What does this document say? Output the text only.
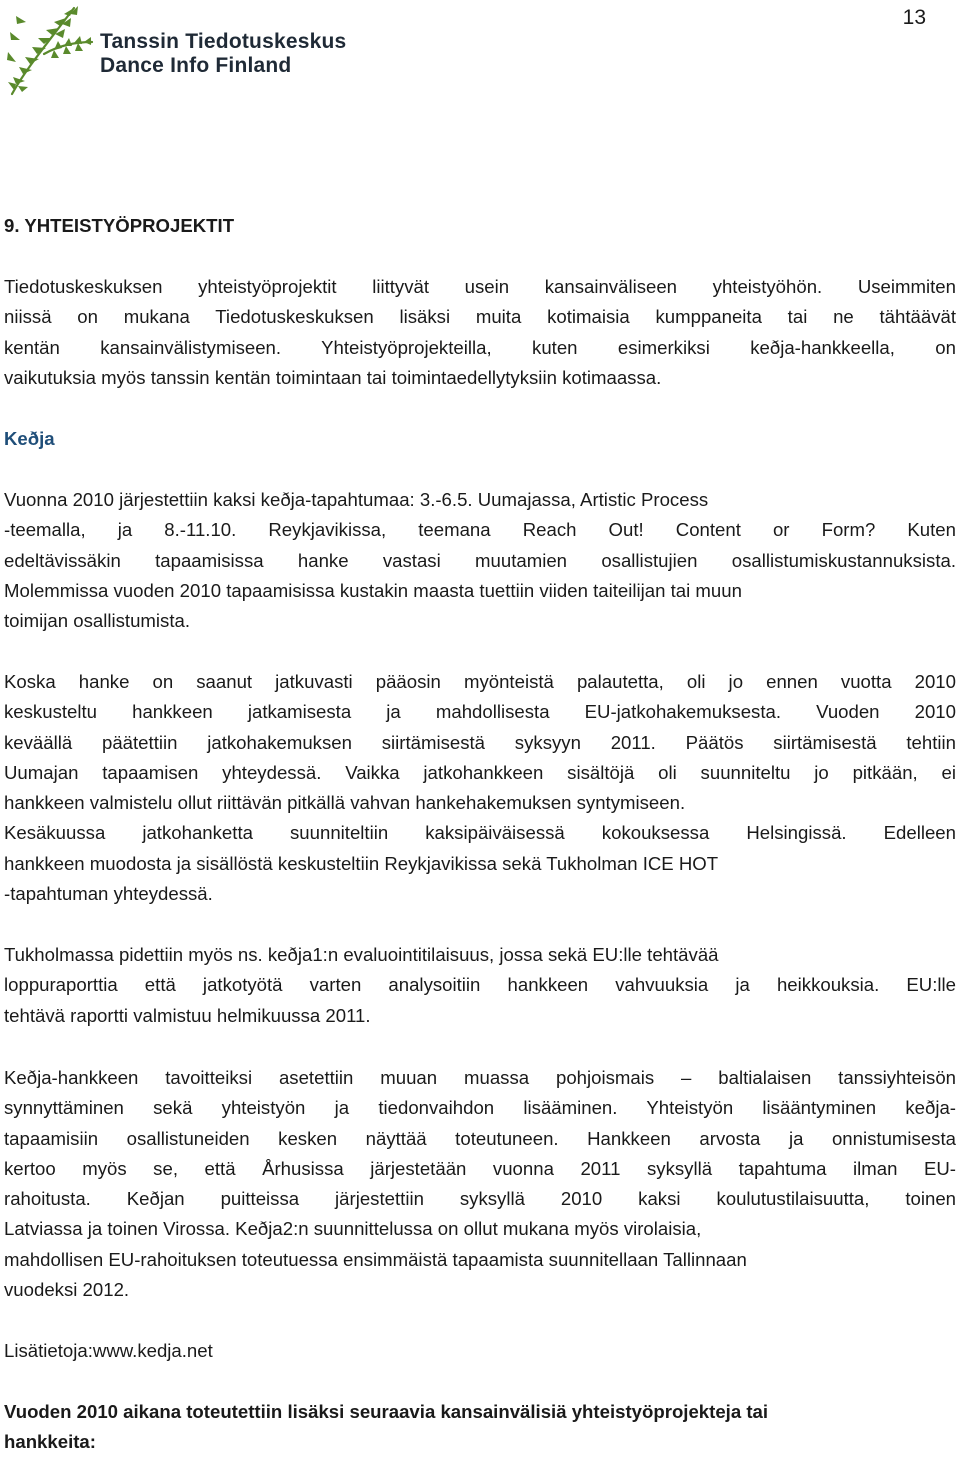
Tanssin Tiedotuskeskus
Dance Info Finland
13
9. YHTEISTYÖPROJEKTIT
Tiedotuskeskuksen yhteistyöprojektit liittyvät usein kansainväliseen yhteistyöhön. Useimmiten
niissä on mukana Tiedotuskeskuksen lisäksi muita kotimaisia kumppaneita tai ne tähtäävät
kentän kansainvälistymiseen. Yhteistyöprojekteilla, kuten esimerkiksi keðja-hankkeella, on
vaikutuksia myös tanssin kentän toimintaan tai toimintaedellytyksiin kotimaassa.
Keðja
Vuonna 2010 järjestettiin kaksi keðja-tapahtumaa: 3.-6.5. Uumajassa, Artistic Process
-teemalla, ja 8.-11.10. Reykjavikissa, teemana Reach Out! Content or Form? Kuten
edeltävissäkin tapaamisissa hanke vastasi muutamien osallistujien osallistumiskustannuksista.
Molemmissa vuoden 2010 tapaamisissa kustakin maasta tuettiin viiden taiteilijan tai muun
toimijan osallistumista.
Koska hanke on saanut jatkuvasti pääosin myönteistä palautetta, oli jo ennen vuotta 2010
keskusteltu hankkeen jatkamisesta ja mahdollisesta EU-jatkohakemuksesta. Vuoden 2010
keväällä päätettiin jatkohakemuksen siirtämisestä syksyyn 2011. Päätös siirtämisestä tehtiin
Uumajan tapaamisen yhteydessä. Vaikka jatkohankkeen sisältöjä oli suunniteltu jo pitkään, ei
hankkeen valmistelu ollut riittävän pitkällä vahvan hankehakemuksen syntymiseen.
Kesäkuussa jatkohanketta suunniteltiin kaksipäiväisessä kokouksessa Helsingissä. Edelleen
hankkeen muodosta ja sisällöstä keskusteltiin Reykjavikissa sekä Tukholman ICE HOT
-tapahtuman yhteydessä.
Tukholmassa pidettiin myös ns. keðja1:n evaluointitilaisuus, jossa sekä EU:lle tehtävää
loppuraporttia että jatkotyötä varten analysoitiin hankkeen vahvuuksia ja heikkouksia. EU:lle
tehtävä raportti valmistuu helmikuussa 2011.
Keðja-hankkeen tavoitteiksi asetettiin muuan muassa pohjoismais – baltialaisen tanssiyhteisön
synnyttäminen sekä yhteistyön ja tiedonvaihdon lisääminen. Yhteistyön lisääntyminen keðja-
tapaamisiin osallistuneiden kesken näyttää toteutuneen. Hankkeen arvosta ja onnistumisesta
kertoo myös se, että Århusissa järjestetään vuonna 2011 syksyllä tapahtuma ilman EU-
rahoitusta. Keðjan puitteissa järjestettiin syksyllä 2010 kaksi koulutustilaisuutta, toinen
Latviassa ja toinen Virossa. Keðja2:n suunnittelussa on ollut mukana myös virolaisia,
mahdollisen EU-rahoituksen toteutuessa ensimmäistä tapaamista suunnitellaan Tallinnaan
vuodeksi 2012.
Lisätietoja:www.kedja.net
Vuoden 2010 aikana toteutettiin lisäksi seuraavia kansainvälisiä yhteistyöprojekteja tai
hankkeita:
